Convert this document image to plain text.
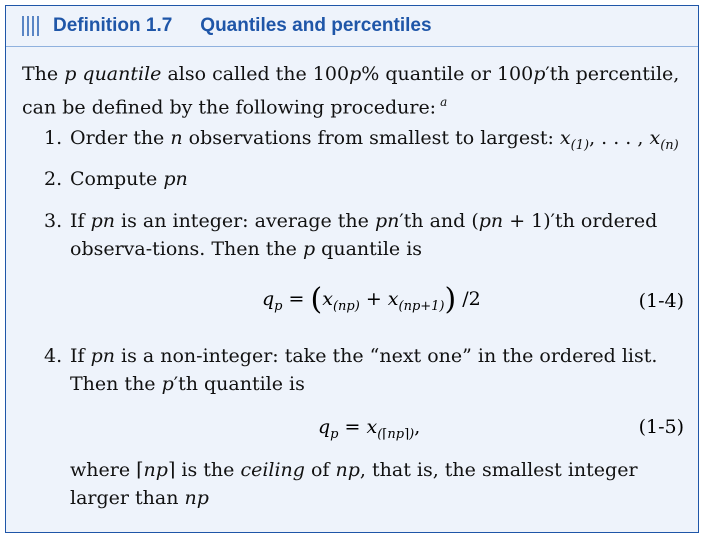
Definition 1.7 Quantiles and percentiles
The p quantile also called the 100p% quantile or 100p′th percentile, can be defined by the following procedure: $^a$
1. Order the n observations from smallest to largest: $x_{(1)}$, . . . , $x_{(n)}$
2. Compute pn
3. If pn is an integer: average the pn′th and (pn + 1)′th ordered observa-tions. Then the p quantile is
$q_p = (x_{(np)} + x_{(np+1)})$ /2	(1-4)
4. If pn is a non-integer: take the “next one” in the ordered list. Then the p′th quantile is
$q_p = x_{(⌈np⌉)}$,	(1-5)
where ⌈np⌉ is the ceiling of np, that is, the smallest integer larger than np
